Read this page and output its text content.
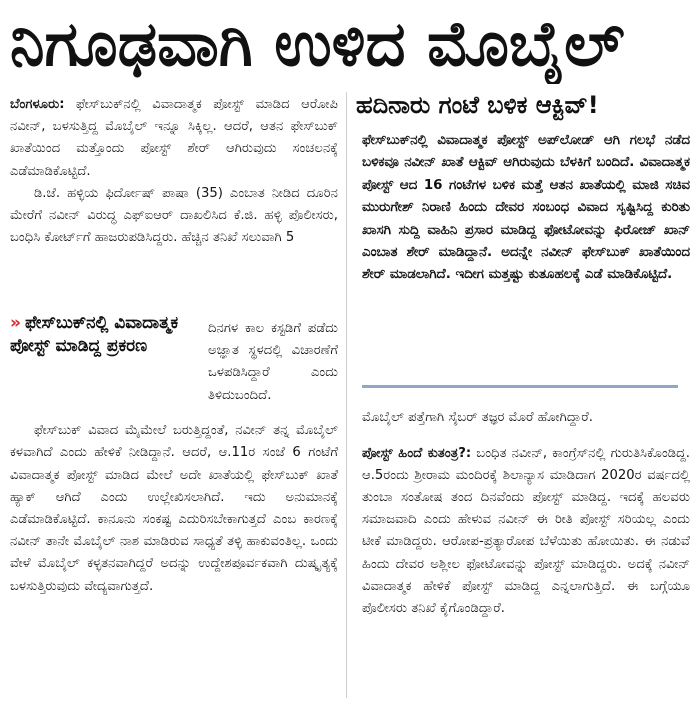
ನಿಗೂಢವಾಗಿ ಉಳಿದ ಮೊಬೈಲ್

ಬೆಂಗಳೂರು: ಫೇಸ್‌ಬುಕ್‌ನಲ್ಲಿ ವಿವಾದಾತ್ಮಕ ಪೋಸ್ಟ್ ಮಾಡಿದ ಆರೋಪಿ ನವೀನ್, ಬಳಸುತ್ತಿದ್ದ ಮೊಬೈಲ್ ಇನ್ನೂ ಸಿಕ್ಕಿಲ್ಲ. ಆದರೆ, ಆತನ ಫೇಸ್‌ಬುಕ್ ಖಾತೆಯಿಂದ ಮತ್ತೊಂದು ಪೋಸ್ಟ್ ಶೇರ್ ಆಗಿರುವುದು ಸಂಚಲನಕ್ಕೆ ಎಡೆಮಾಡಿಕೊಟ್ಟಿದೆ.

ಡಿ.ಜೆ. ಹಳ್ಳಿಯ ಫಿರ್ದೋಷ್ ಪಾಷಾ (35) ಎಂಬಾತ ನೀಡಿದ ದೂರಿನ ಮೇರೆಗೆ ನವೀನ್ ವಿರುದ್ಧ ಎಫ್‌ಐಆರ್ ದಾಖಲಿಸಿದ ಕೆ.ಜಿ. ಹಳ್ಳಿ ಪೊಲೀಸರು, ಬಂಧಿಸಿ ಕೋರ್ಟ್‌ಗೆ ಹಾಜರುಪಡಿಸಿದ್ದರು. ಹೆಚ್ಚಿನ ತನಿಖೆ ಸಲುವಾಗಿ 5

» ಫೇಸ್‌ಬುಕ್‌ನಲ್ಲಿ ವಿವಾದಾತ್ಮಕ ಪೋಸ್ಟ್ ಮಾಡಿದ್ದ ಪ್ರಕರಣ
ದಿನಗಳ ಕಾಲ ಕಸ್ಟಡಿಗೆ ಪಡೆದು ಅಜ್ಞಾತ ಸ್ಥಳದಲ್ಲಿ ವಿಚಾರಣೆಗೆ ಒಳಪಡಿಸಿದ್ದಾರೆ ಎಂದು ತಿಳಿದುಬಂದಿದೆ.

ಫೇಸ್‌ಬುಕ್ ವಿವಾದ ಮೈಮೇಲೆ ಬರುತ್ತಿದ್ದಂತೆ, ನವೀನ್ ತನ್ನ ಮೊಬೈಲ್ ಕಳವಾಗಿದೆ ಎಂದು ಹೇಳಿಕೆ ನೀಡಿದ್ದಾನೆ. ಆದರೆ, ಆ.11ರ ಸಂಜೆ 6 ಗಂಟೆಗೆ ವಿವಾದಾತ್ಮಕ ಪೋಸ್ಟ್ ಮಾಡಿದ ಮೇಲೆ ಅದೇ ಖಾತೆಯಲ್ಲಿ ಫೇಸ್‌ಬುಕ್ ಖಾತೆ ಹ್ಯಾಕ್ ಆಗಿದೆ ಎಂದು ಉಲ್ಲೇಖಿಸಲಾಗಿದೆ. ಇದು ಅನುಮಾನಕ್ಕೆ ಎಡೆಮಾಡಿಕೊಟ್ಟಿದೆ. ಕಾನೂನು ಸಂಕಷ್ಟ ಎದುರಿಸಬೇಕಾಗುತ್ತದೆ ಎಂಬ ಕಾರಣಕ್ಕೆ ನವೀನ್ ತಾನೇ ಮೊಬೈಲ್ ನಾಶ ಮಾಡಿರುವ ಸಾಧ್ಯತೆ ತಳ್ಳಿ ಹಾಕುವಂತಿಲ್ಲ. ಒಂದು ವೇಳೆ ಮೊಬೈಲ್ ಕಳ್ಳತನವಾಗಿದ್ದರೆ ಅದನ್ನು ಉದ್ದೇಶಪೂರ್ವಕವಾಗಿ ದುಷ್ಕೃತ್ಯಕ್ಕೆ ಬಳಸುತ್ತಿರುವುದು ವೇದ್ಯವಾಗುತ್ತದೆ.

ಹದಿನಾರು ಗಂಟೆ ಬಳಿಕ ಆಕ್ಟಿವ್!
ಫೇಸ್‌ಬುಕ್‌ನಲ್ಲಿ ವಿವಾದಾತ್ಮಕ ಪೋಸ್ಟ್ ಅಪ್‌ಲೋಡ್ ಆಗಿ ಗಲಭೆ ನಡೆದ ಬಳಿಕವೂ ನವೀನ್ ಖಾತೆ ಆಕ್ಟಿವ್ ಆಗಿರುವುದು ಬೆಳಕಿಗೆ ಬಂದಿದೆ. ವಿವಾದಾತ್ಮಕ ಪೋಸ್ಟ್ ಆದ 16 ಗಂಟೆಗಳ ಬಳಿಕ ಮತ್ತೆ ಆತನ ಖಾತೆಯಲ್ಲಿ ಮಾಜಿ ಸಚಿವ ಮುರುಗೇಶ್ ನಿರಾಣಿ ಹಿಂದು ದೇವರ ಸಂಬಂಧ ವಿವಾದ ಸೃಷ್ಟಿಸಿದ್ದ ಕುರಿತು ಖಾಸಗಿ ಸುದ್ದಿ ವಾಹಿನಿ ಪ್ರಸಾರ ಮಾಡಿದ್ದ ಫೋಟೋವನ್ನು ಫಿರೋಜ್ ಖಾನ್ ಎಂಬಾತ ಶೇರ್ ಮಾಡಿದ್ದಾನೆ. ಅದನ್ನೇ ನವೀನ್ ಫೇಸ್‌ಬುಕ್ ಖಾತೆಯಿಂದ ಶೇರ್ ಮಾಡಲಾಗಿದೆ. ಇದೀಗ ಮತ್ತಷ್ಟು ಕುತೂಹಲಕ್ಕೆ ಎಡೆ ಮಾಡಿಕೊಟ್ಟಿದೆ.

ಮೊಬೈಲ್ ಪತ್ತೆಗಾಗಿ ಸೈಬರ್ ತಜ್ಞರ ಮೊರೆ ಹೋಗಿದ್ದಾರೆ.

ಪೋಸ್ಟ್ ಹಿಂದೆ ಕುತಂತ್ರ?: ಬಂಧಿತ ನವೀನ್, ಕಾಂಗ್ರೆಸ್‌ನಲ್ಲಿ ಗುರುತಿಸಿಕೊಂಡಿದ್ದ. ಆ.5ರಂದು ಶ್ರೀರಾಮ ಮಂದಿರಕ್ಕೆ ಶಿಲಾನ್ಯಾಸ ಮಾಡಿದಾಗ 2020ರ ವರ್ಷದಲ್ಲಿ ತುಂಬಾ ಸಂತೋಷ ತಂದ ದಿನವೆಂದು ಪೋಸ್ಟ್ ಮಾಡಿದ್ದ. ಇದಕ್ಕೆ ಹಲವರು ಸಮಾಜವಾದಿ ಎಂದು ಹೇಳುವ ನವೀನ್ ಈ ರೀತಿ ಪೋಸ್ಟ್ ಸರಿಯಲ್ಲ ಎಂದು ಟೀಕೆ ಮಾಡಿದ್ದರು. ಆರೋಪ-ಪ್ರತ್ಯಾರೋಪ ಬೆಳೆಯಿತು ಹೋಯಿತು. ಈ ನಡುವೆ ಹಿಂದು ದೇವರ ಅಶ್ಲೀಲ ಫೋಟೋವನ್ನು ಪೋಸ್ಟ್ ಮಾಡಿದ್ದರು. ಅದಕ್ಕೆ ನವೀನ್ ವಿವಾದಾತ್ಮಕ ಹೇಳಿಕೆ ಪೋಸ್ಟ್ ಮಾಡಿದ್ದ ಎನ್ನಲಾಗುತ್ತಿದೆ. ಈ ಬಗ್ಗೆಯೂ ಪೊಲೀಸರು ತನಿಖೆ ಕೈಗೊಂಡಿದ್ದಾರೆ.
